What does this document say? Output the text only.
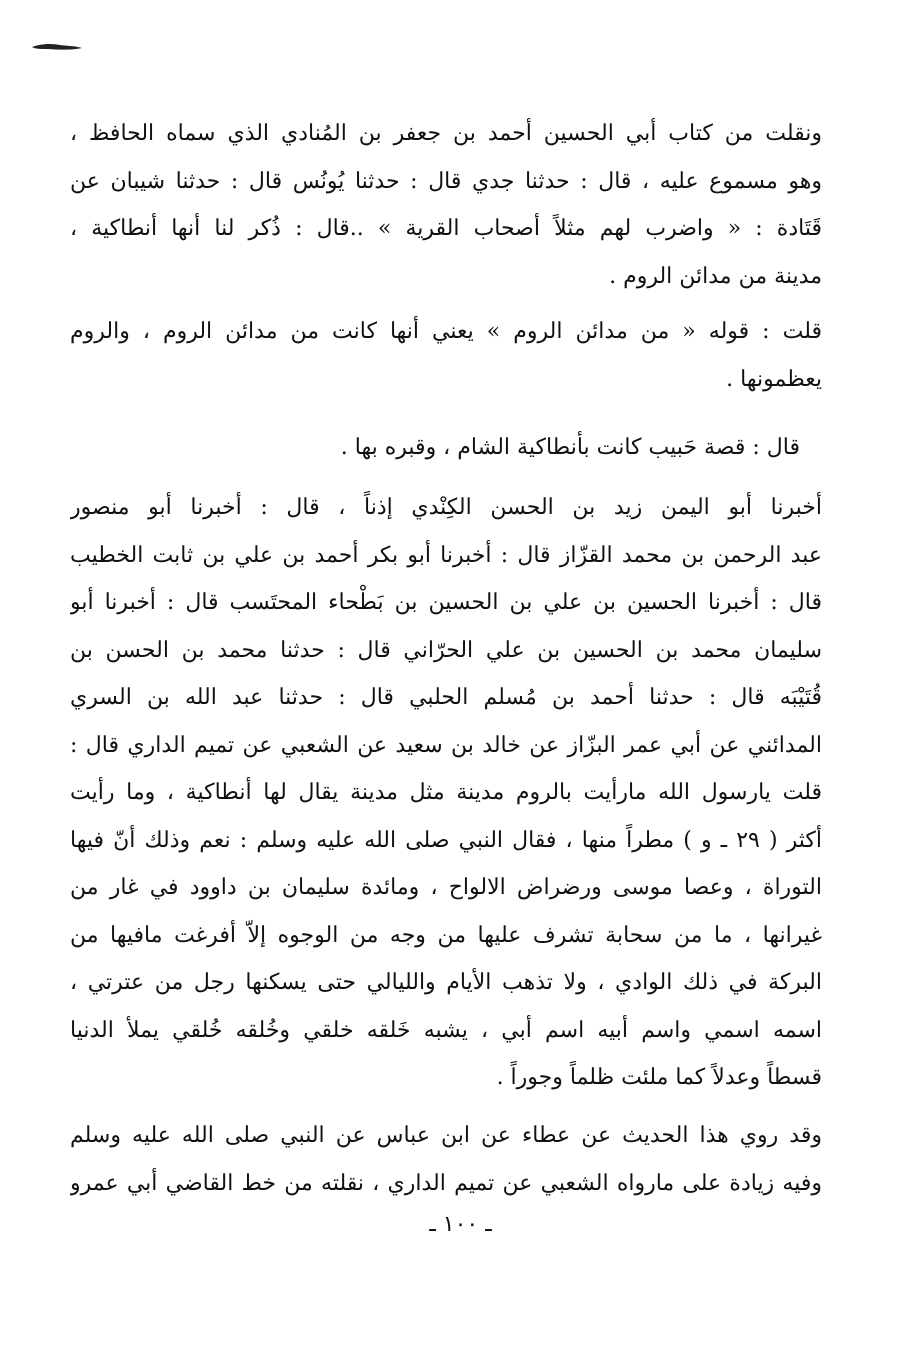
ونقلت من كتاب أبي الحسين أحمد بن جعفر بن المُنادي الذي سماه الحافظ ،
وهو مسموع عليه ، قال : حدثنا جدي قال : حدثنا يُونُس قال : حدثنا شيبان عن
قَتَادة : « واضرب لهم مثلاً أصحاب القرية » ..قال : ذُكر لنا أنها أنطاكية ،
مدينة من مدائن الروم .
قلت : قوله « من مدائن الروم » يعني أنها كانت من مدائن الروم ، والروم
يعظمونها .
قال : قصة حَبيب كانت بأنطاكية الشام ، وقبره بها .
أخبرنا أبو اليمن زيد بن الحسن الكِنْدي إذناً ، قال : أخبرنا أبو منصور
عبد الرحمن بن محمد القزّاز قال : أخبرنا أبو بكر أحمد بن علي بن ثابت الخطيب
قال : أخبرنا الحسين بن علي بن الحسين بن بَطْحاء المحتَسب قال : أخبرنا أبو
سليمان محمد بن الحسين بن علي الحرّاني قال : حدثنا محمد بن الحسن بن
قُتَيْبَه قال : حدثنا أحمد بن مُسلم الحلبي قال : حدثنا عبد الله بن السري
المدائني عن أبي عمر البزّاز عن خالد بن سعيد عن الشعبي عن تميم الداري قال :
قلت يارسول الله مارأيت بالروم مدينة مثل مدينة يقال لها أنطاكية ، وما رأيت
أكثر ( ٢٩ ـ و ) مطراً منها ، فقال النبي صلى الله عليه وسلم : نعم وذلك أنّ فيها
التوراة ، وعصا موسى ورضراض الالواح ، ومائدة سليمان بن داوود في غار من
غيرانها ، ما من سحابة تشرف عليها من وجه من الوجوه إلاّ أفرغت مافيها من
البركة في ذلك الوادي ، ولا تذهب الأيام والليالي حتى يسكنها رجل من عترتي ،
اسمه اسمي واسم أبيه اسم أبي ، يشبه خَلقه خلقي وخُلقه خُلقي يملأ الدنيا
قسطاً وعدلاً كما ملئت ظلماً وجوراً .
وقد روي هذا الحديث عن عطاء عن ابن عباس عن النبي صلى الله عليه وسلم
وفيه زيادة على مارواه الشعبي عن تميم الداري ، نقلته من خط القاضي أبي عمرو
ـ ١٠٠ ـ
